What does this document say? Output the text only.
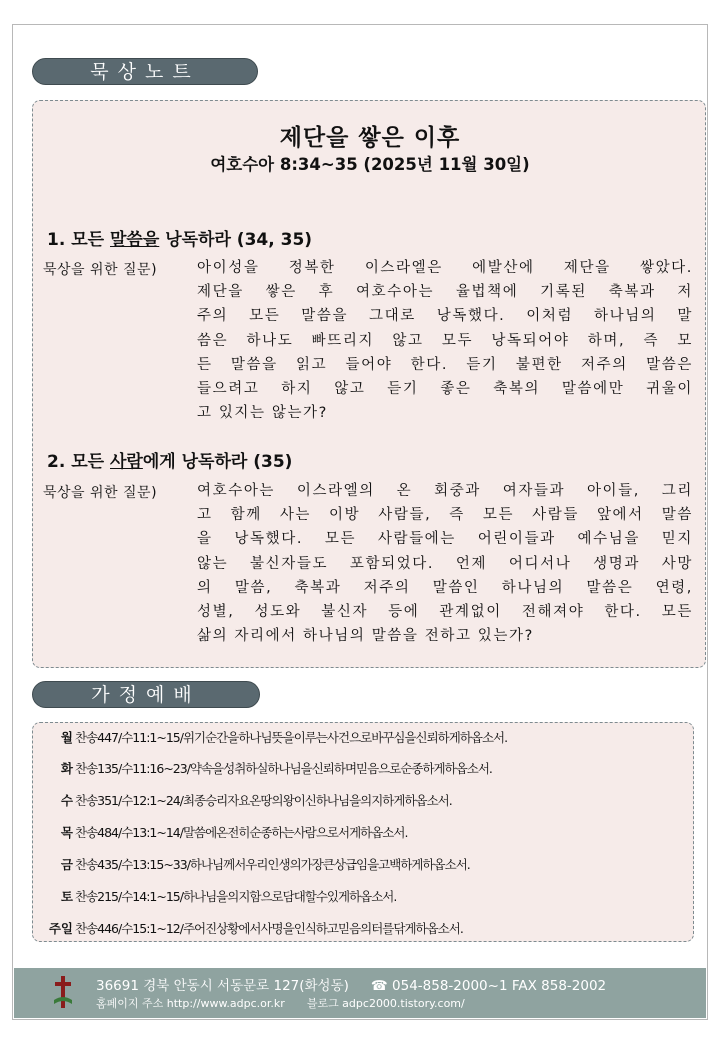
묵상노트
제단을 쌓은 이후
여호수아 8:34~35 (2025년 11월 30일)
1. 모든 말씀을 낭독하라 (34, 35)
묵상을 위한 질문)	아이성을 정복한 이스라엘은 에발산에 제단을 쌓았다.
제단을 쌓은 후 여호수아는 율법책에 기록된 축복과 저
주의 모든 말씀을 그대로 낭독했다. 이처럼 하나님의 말
씀은 하나도 빠뜨리지 않고 모두 낭독되어야 하며, 즉 모
든 말씀을 읽고 들어야 한다. 듣기 불편한 저주의 말씀은
들으려고 하지 않고 듣기 좋은 축복의 말씀에만 귀울이
고 있지는 않는가?
2. 모든 사람에게 낭독하라 (35)
묵상을 위한 질문)	여호수아는 이스라엘의 온 회중과 여자들과 아이들, 그리
고 함께 사는 이방 사람들, 즉 모든 사람들 앞에서 말씀
을 낭독했다. 모든 사람들에는 어린이들과 예수님을 믿지
않는 불신자들도 포함되었다. 언제 어디서나 생명과 사망
의 말씀, 축복과 저주의 말씀인 하나님의 말씀은 연령,
성별, 성도와 불신자 등에 관계없이 전해져야 한다. 모든
삶의 자리에서 하나님의 말씀을 전하고 있는가?
가정예배
월 찬송447/수11:1~15/위기순간을하나님뜻을이루는사건으로바꾸심을신뢰하게하옵소서.
화 찬송135/수11:16~23/약속을성취하실하나님을신뢰하며믿음으로순종하게하옵소서.
수 찬송351/수12:1~24/최종승리자요온땅의왕이신하나님을의지하게하옵소서.
목 찬송484/수13:1~14/말씀에온전히순종하는사람으로서게하옵소서.
금 찬송435/수13:15~33/하나님께서우리인생의가장큰상급임을고백하게하옵소서.
토 찬송215/수14:1~15/하나님을의지함으로담대할수있게하옵소서.
주일 찬송446/수15:1~12/주어진상황에서사명을인식하고믿음의터를닦게하옵소서.
36691 경북 안동시 서동문로 127(화성동) ☎ 054-858-2000~1 FAX 858-2002
홈페이지 주소 http://www.adpc.or.kr 블로그 adpc2000.tistory.com/
